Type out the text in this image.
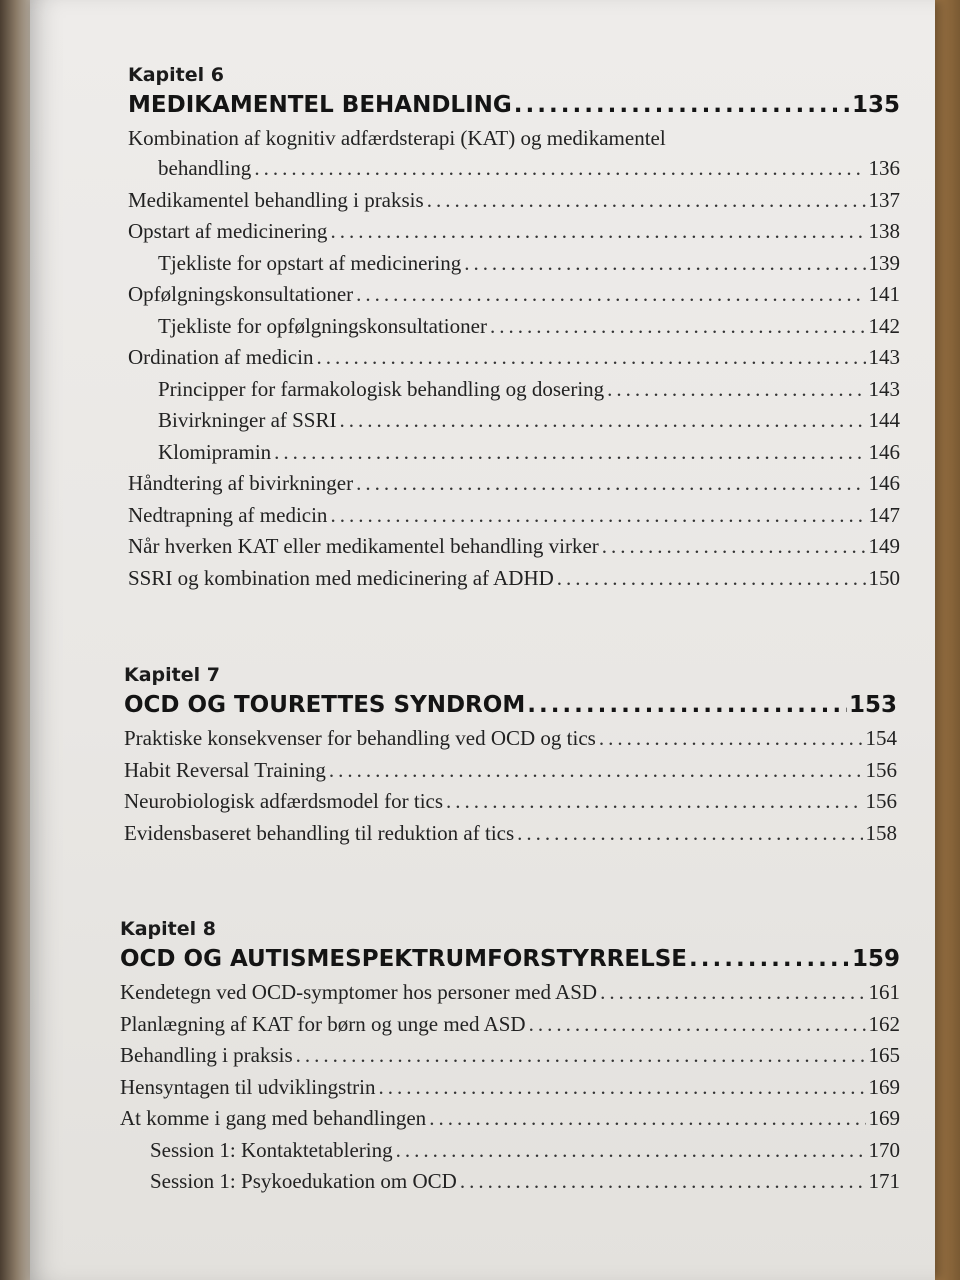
Kapitel 6
MEDIKAMENTEL BEHANDLING .....	135
Kombination af kognitiv adfærdsterapi (KAT) og medikamentel
behandling .....	136
Medikamentel behandling i praksis .....	137
Opstart af medicinering .....	138
Tjekliste for opstart af medicinering .....	139
Opfølgningskonsultationer .....	141
Tjekliste for opfølgningskonsultationer .....	142
Ordination af medicin .....	143
Principper for farmakologisk behandling og dosering .....	143
Bivirkninger af SSRI .....	144
Klomipramin .....	146
Håndtering af bivirkninger .....	146
Nedtrapning af medicin .....	147
Når hverken KAT eller medikamentel behandling virker .....	149
SSRI og kombination med medicinering af ADHD .....	150
Kapitel 7
OCD OG TOURETTES SYNDROM .....	153
Praktiske konsekvenser for behandling ved OCD og tics .....	154
Habit Reversal Training .....	156
Neurobiologisk adfærdsmodel for tics .....	156
Evidensbaseret behandling til reduktion af tics .....	158
Kapitel 8
OCD OG AUTISMESPEKTRUMFORSTYRRELSE .....	159
Kendetegn ved OCD-symptomer hos personer med ASD .....	161
Planlægning af KAT for børn og unge med ASD .....	162
Behandling i praksis .....	165
Hensyntagen til udviklingstrin .....	169
At komme i gang med behandlingen .....	169
Session 1: Kontaktetablering .....	170
Session 1: Psykoedukation om OCD .....	171
